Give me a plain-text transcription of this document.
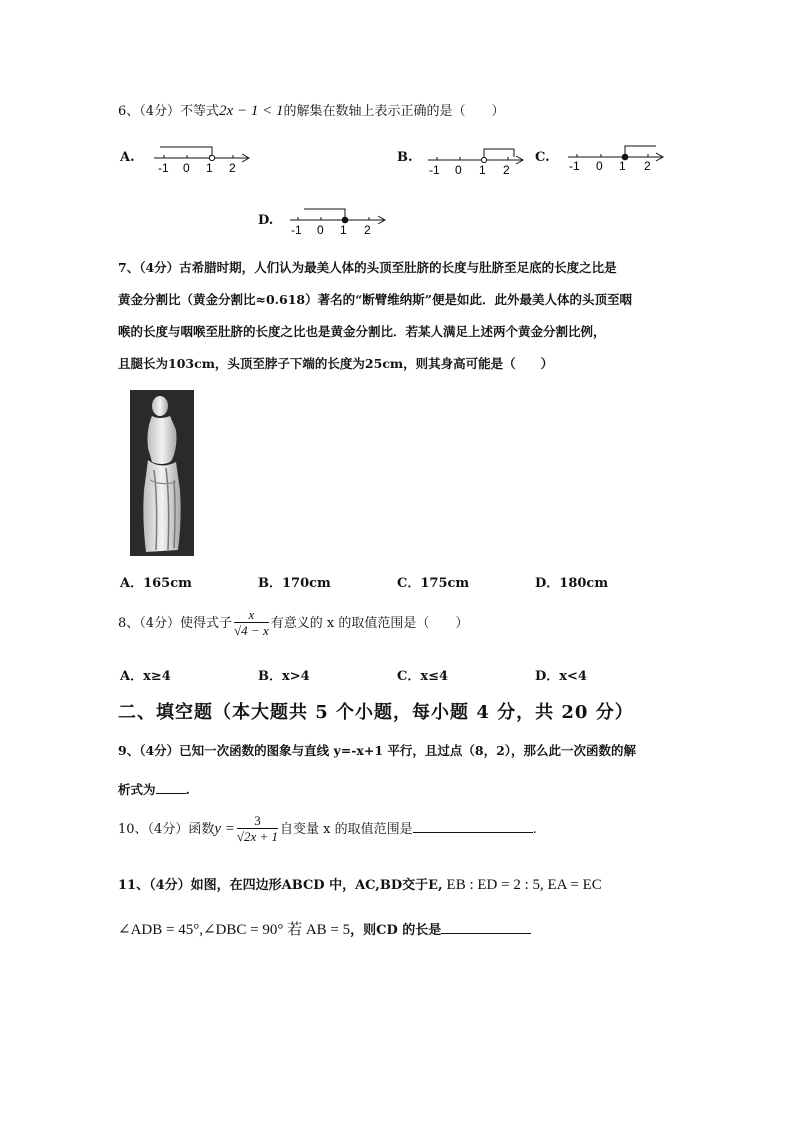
6、（4分）不等式2x − 1 < 1的解集在数轴上表示正确的是（　　）
A.
-1 0 1 2
B.
-1 0 1 2
C.
-1 0 1 2
D.
-1 0 1 2
7、（4分）古希腊时期，人们认为最美人体的头顶至肚脐的长度与肚脐至足底的长度之比是
黄金分割比（黄金分割比≈0.618）著名的“断臂维纳斯”便是如此．此外最美人体的头顶至咽
喉的长度与咽喉至肚脐的长度之比也是黄金分割比．若某人满足上述两个黄金分割比例，
且腿长为103cm，头顶至脖子下端的长度为25cm，则其身高可能是（　　）
A．165cm	B．170cm	C．175cm	D．180cm
8、（4分）使得式子 $\frac{x}{√4 - x}$ 有意义的 x 的取值范围是（　　）
A．x≥4	B．x>4	C．x≤4	D．x<4
二、填空题（本大题共 5 个小题，每小题 4 分，共 20 分）
9、（4分）已知一次函数的图象与直线 y=-x+1 平行，且过点（8，2），那么此一次函数的解
析式为 .
10、（4分）函数$y = \frac{3}{√2x + 1}$ 自变量 x 的取值范围是	.
11、（4分）如图，在四边形ABCD 中，AC,BD交于E, EB : ED = 2 : 5, EA = EC
∠ADB = 45°,∠DBC = 90° 若 AB = 5，则CD 的长是
